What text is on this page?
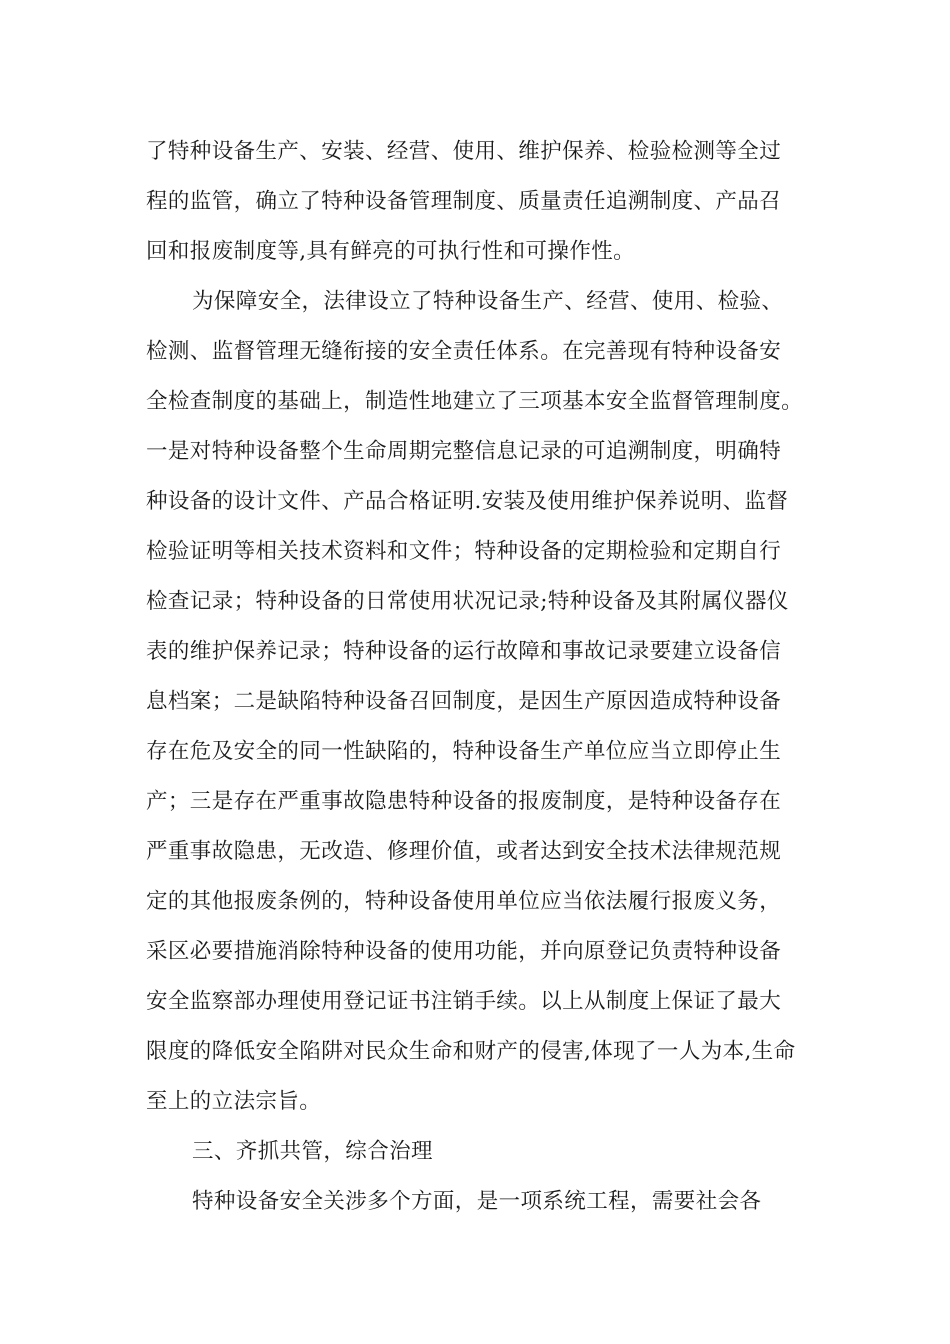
了特种设备生产、安装、经营、使用、维护保养、检验检测等全过
程的监管，确立了特种设备管理制度、质量责任追溯制度、产品召
回和报废制度等,具有鲜亮的可执行性和可操作性。
为保障安全，法律设立了特种设备生产、经营、使用、检验、
检测、监督管理无缝衔接的安全责任体系。在完善现有特种设备安
全检查制度的基础上，制造性地建立了三项基本安全监督管理制度。
一是对特种设备整个生命周期完整信息记录的可追溯制度，明确特
种设备的设计文件、产品合格证明.安装及使用维护保养说明、监督
检验证明等相关技术资料和文件；特种设备的定期检验和定期自行
检查记录；特种设备的日常使用状况记录;特种设备及其附属仪器仪
表的维护保养记录；特种设备的运行故障和事故记录要建立设备信
息档案；二是缺陷特种设备召回制度，是因生产原因造成特种设备
存在危及安全的同一性缺陷的，特种设备生产单位应当立即停止生
产；三是存在严重事故隐患特种设备的报废制度，是特种设备存在
严重事故隐患，无改造、修理价值，或者达到安全技术法律规范规
定的其他报废条例的，特种设备使用单位应当依法履行报废义务，
采区必要措施消除特种设备的使用功能，并向原登记负责特种设备
安全监察部办理使用登记证书注销手续。以上从制度上保证了最大
限度的降低安全陷阱对民众生命和财产的侵害,体现了一人为本,生命
至上的立法宗旨。
三、齐抓共管，综合治理
特种设备安全关涉多个方面，是一项系统工程，需要社会各
